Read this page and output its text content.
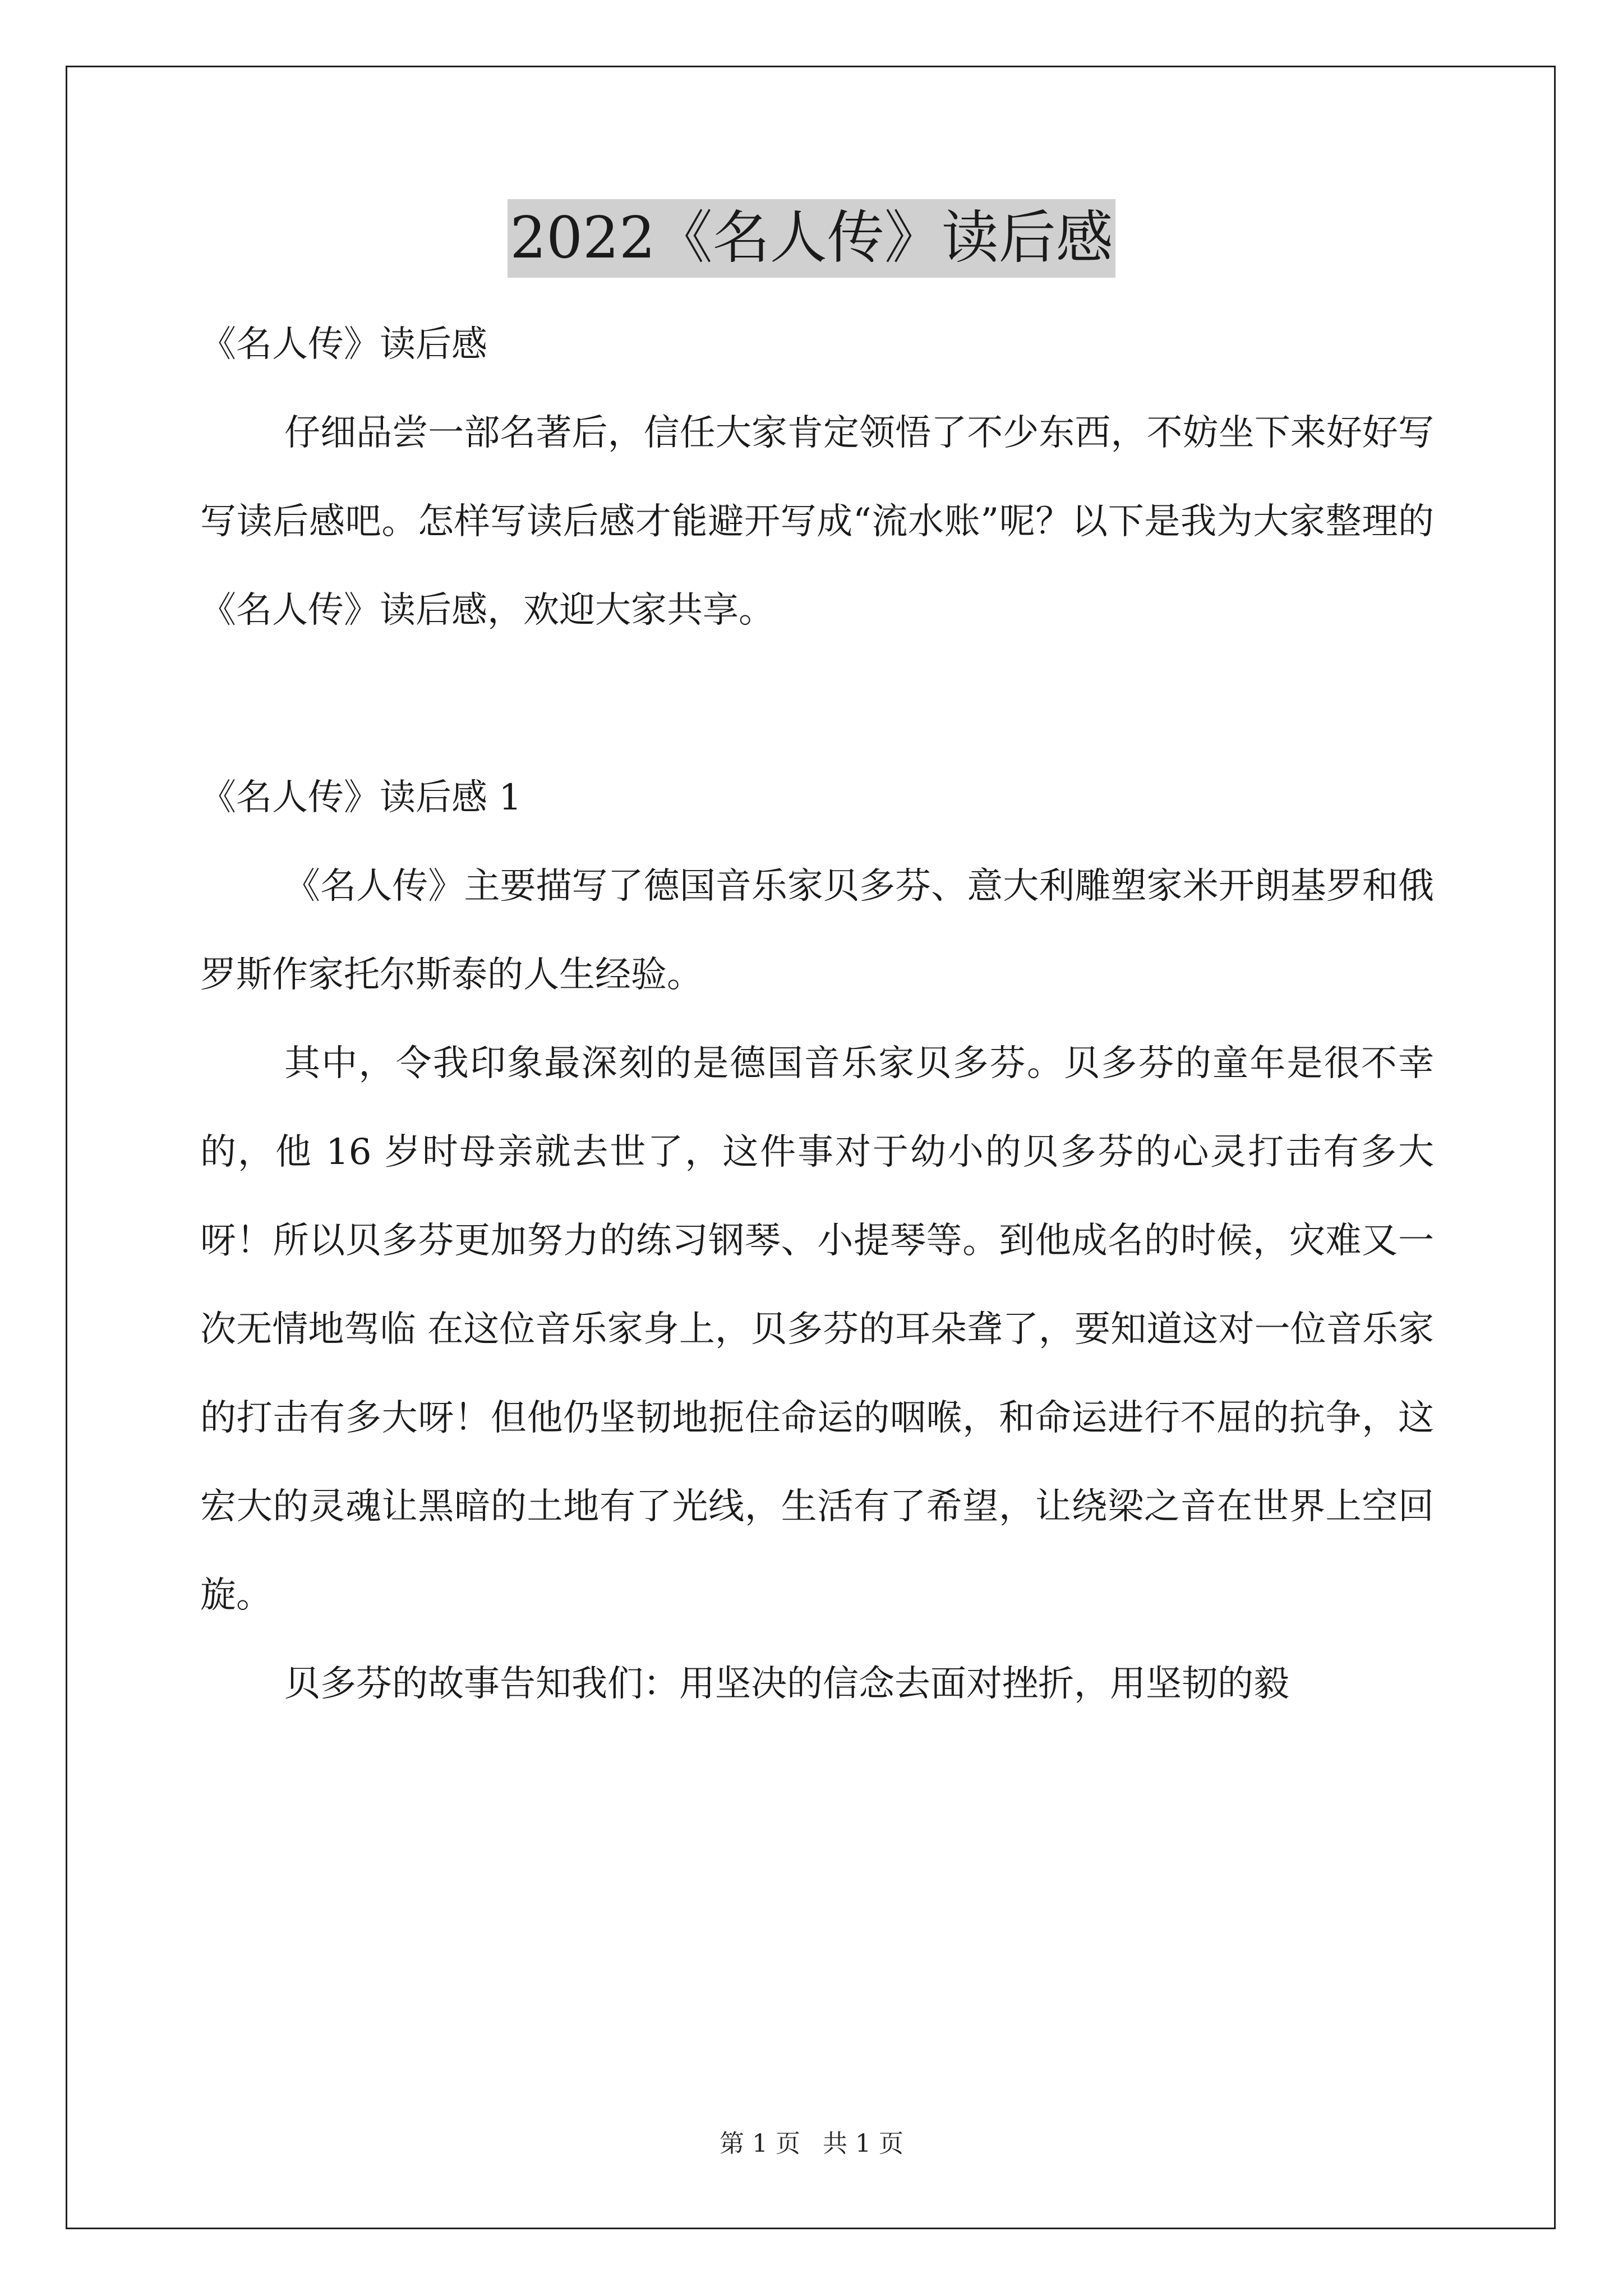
2022《名人传》读后感

《名人传》读后感

仔细品尝一部名著后，信任大家肯定领悟了不少东西，不妨坐下来好好写写读后感吧。怎样写读后感才能避开写成“流水账”呢？以下是我为大家整理的《名人传》读后感，欢迎大家共享。

《名人传》读后感 1

《名人传》主要描写了德国音乐家贝多芬、意大利雕塑家米开朗基罗和俄罗斯作家托尔斯泰的人生经验。

其中，令我印象最深刻的是德国音乐家贝多芬。贝多芬的童年是很不幸的，他 16 岁时母亲就去世了，这件事对于幼小的贝多芬的心灵打击有多大呀！所以贝多芬更加努力的练习钢琴、小提琴等。到他成名的时候，灾难又一次无情地驾临 在这位音乐家身上，贝多芬的耳朵聋了，要知道这对一位音乐家的打击有多大呀！但他仍坚韧地扼住命运的咽喉，和命运进行不屈的抗争，这宏大的灵魂让黑暗的土地有了光线，生活有了希望，让绕梁之音在世界上空回旋。

贝多芬的故事告知我们：用坚决的信念去面对挫折，用坚韧的毅

第 1 页 共 1 页
